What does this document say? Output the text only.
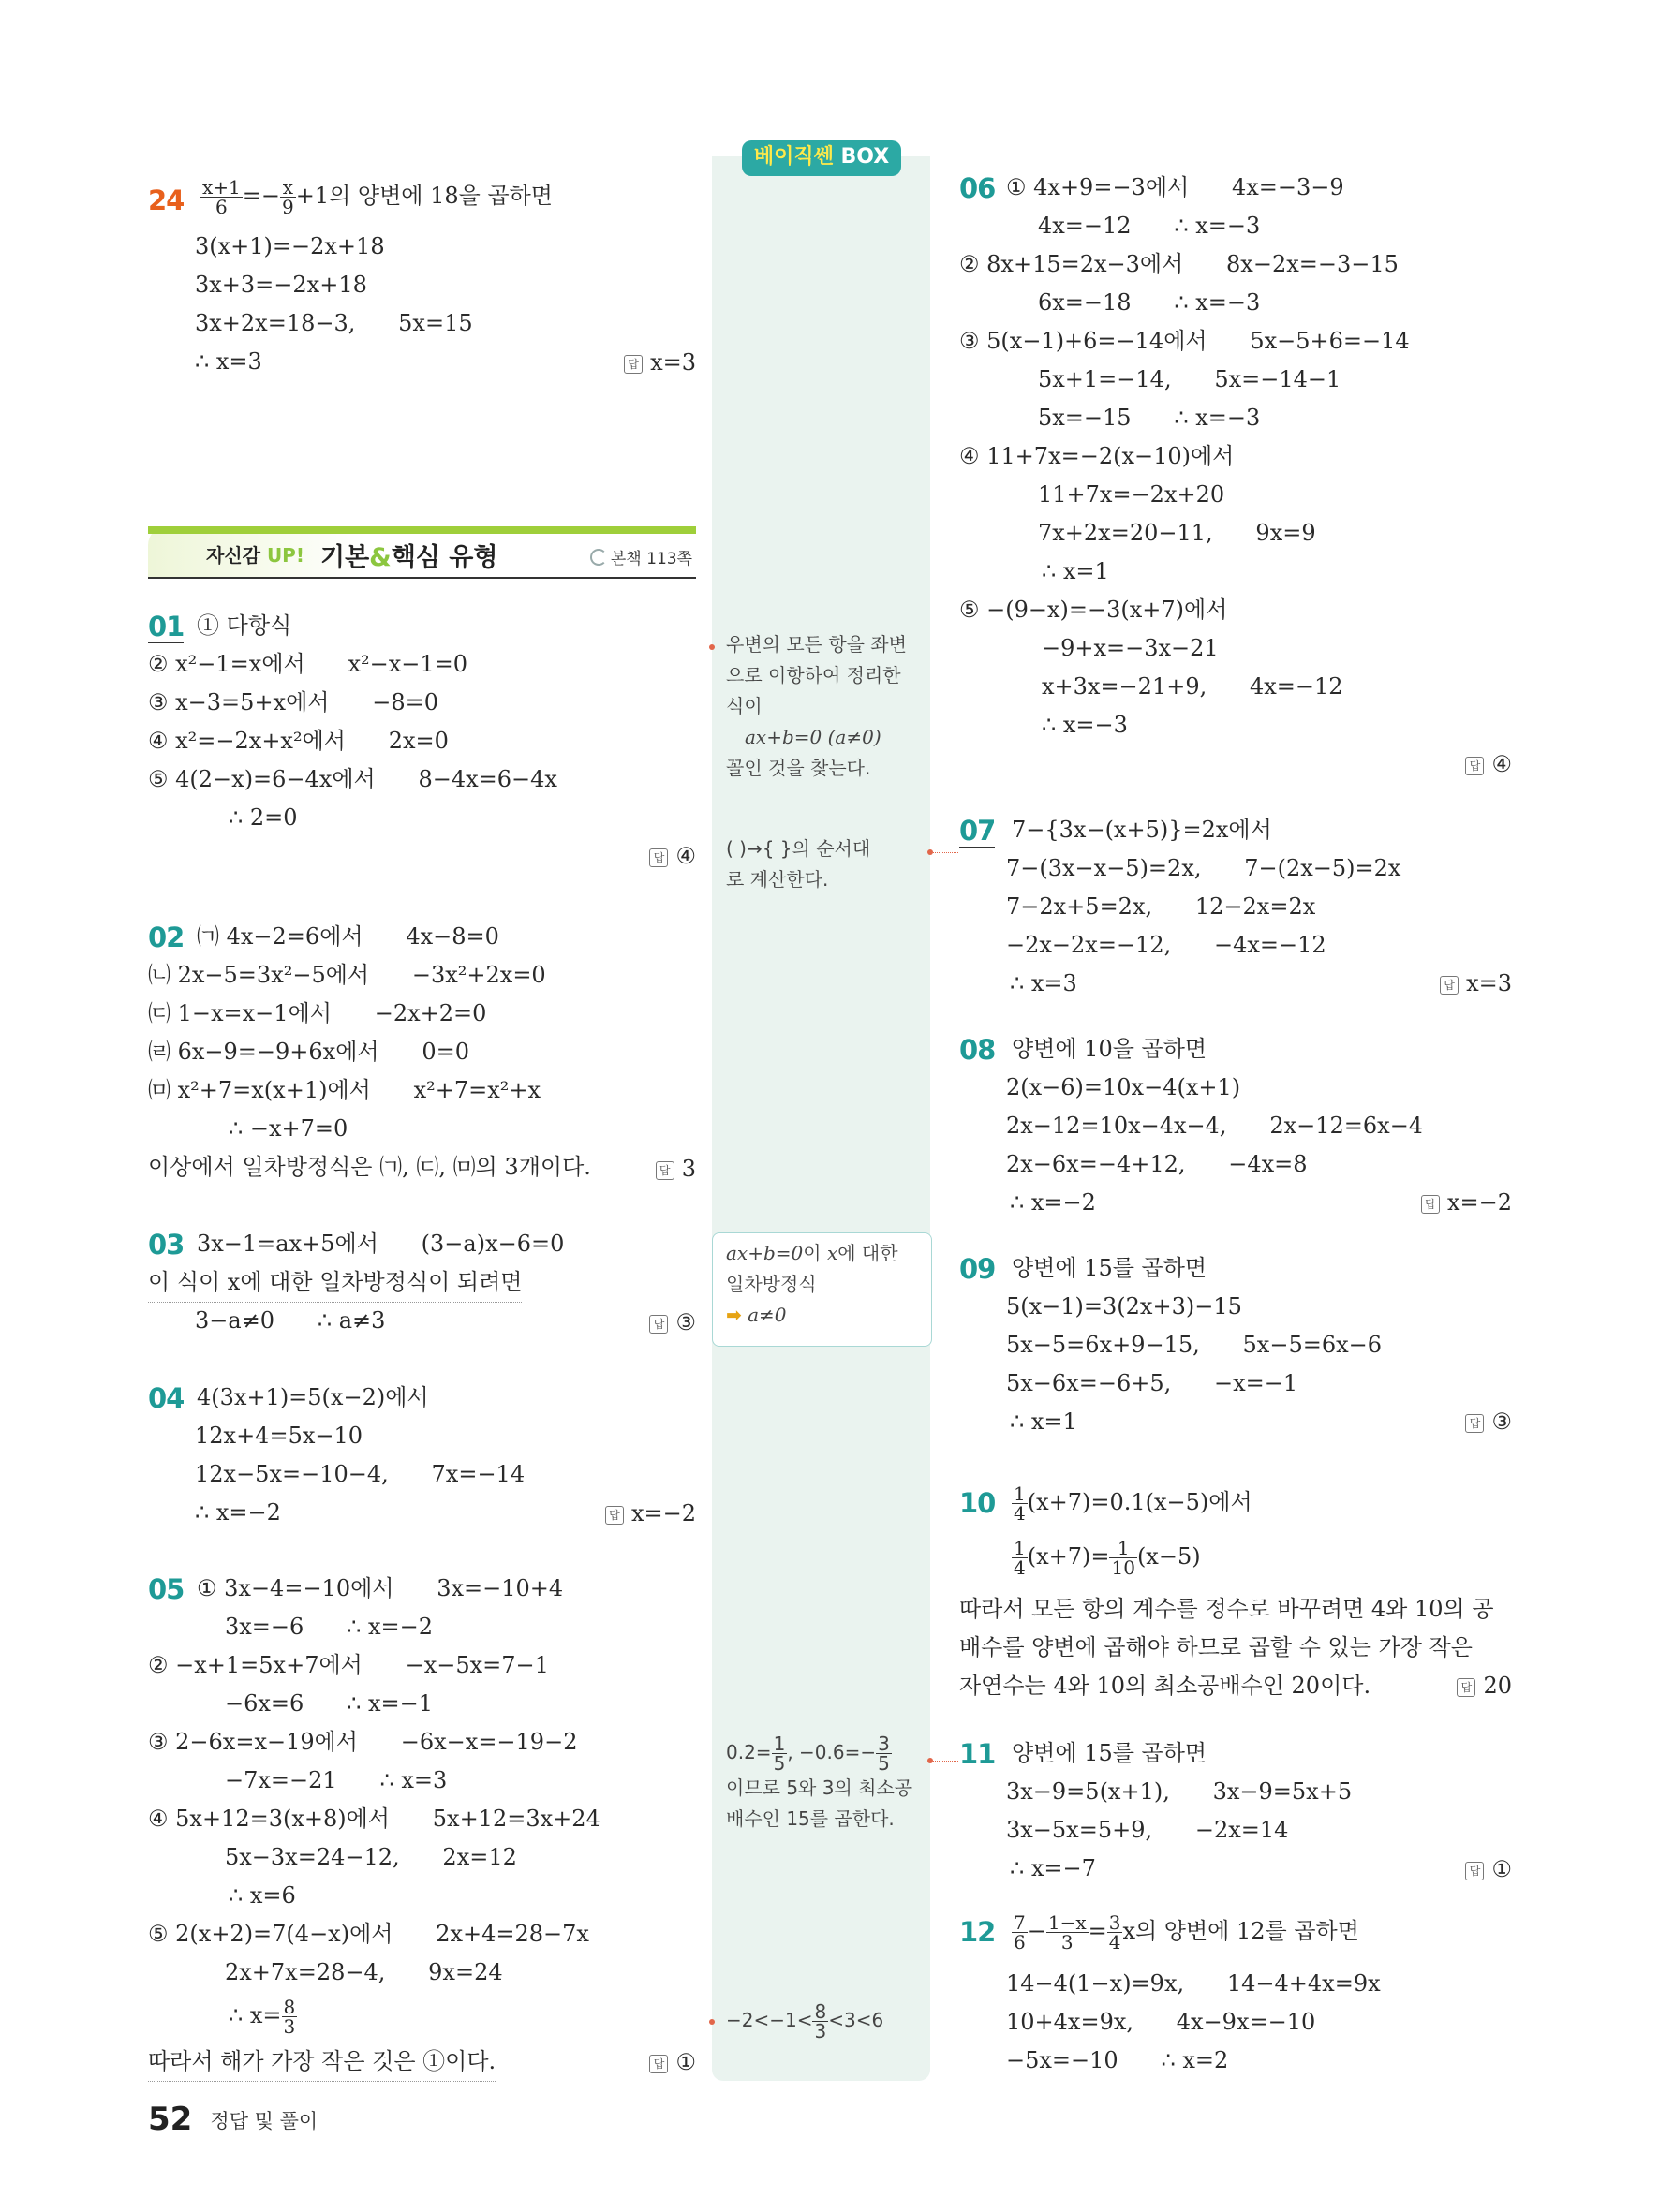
베이직쎈 BOX
자신감 UP! 기본&핵심 유형	본책 113쪽
$24 \frac{x+1}{6} =- \frac{x}{9} +1$의 양변에 18을 곱하면
3(x+1)=−2x+18
3x+3=−2x+18
3x+2x=18−3,      5x=15
∴ x=3	답 x=3
01 ① 다항식
② x²−1=x에서      x²−x−1=0
③ x−3=5+x에서      −8=0
④ x²=−2x+x²에서      2x=0
⑤ 4(2−x)=6−4x에서      8−4x=6−4x
∴ 2=0
답 ④
02 ㈀ 4x−2=6에서      4x−8=0
㈁ 2x−5=3x²−5에서      −3x²+2x=0
㈂ 1−x=x−1에서      −2x+2=0
㈃ 6x−9=−9+6x에서      0=0
㈄ x²+7=x(x+1)에서      x²+7=x²+x
∴ −x+7=0
이상에서 일차방정식은 ㈀, ㈂, ㈄의 3개이다.	답 3
03 3x−1=ax+5에서      (3−a)x−6=0
이 식이 x에 대한 일차방정식이 되려면
3−a≠0      ∴ a≠3	답 ③
04 4(3x+1)=5(x−2)에서
12x+4=5x−10
12x−5x=−10−4,      7x=−14
∴ x=−2	답 x=−2
05 ① 3x−4=−10에서      3x=−10+4
3x=−6      ∴ x=−2
② −x+1=5x+7에서      −x−5x=7−1
−6x=6      ∴ x=−1
③ 2−6x=x−19에서      −6x−x=−19−2
−7x=−21      ∴ x=3
④ 5x+12=3(x+8)에서      5x+12=3x+24
5x−3x=24−12,      2x=12
∴ x=6
⑤ 2(x+2)=7(4−x)에서      2x+4=28−7x
2x+7x=28−4,      9x=24
∴ $x= \frac{8}{3}$
따라서 해가 가장 작은 것은 ①이다.	답 ①
우변의 모든 항을 좌변
으로 이항하여 정리한
식이
ax+b=0 (a≠0)
꼴인 것을 찾는다.
( )→{ }의 순서대
로 계산한다.
ax+b=0이 x에 대한
일차방정식
➡ a≠0
$0.2= \frac{1}{5}$ , $-0.6=- \frac{3}{5}$
이므로 5와 3의 최소공
배수인 15를 곱한다.
$-2<-1< \frac{8}{3} <3<6$
06 ① 4x+9=−3에서      4x=−3−9
4x=−12      ∴ x=−3
② 8x+15=2x−3에서      8x−2x=−3−15
6x=−18      ∴ x=−3
③ 5(x−1)+6=−14에서      5x−5+6=−14
5x+1=−14,      5x=−14−1
5x=−15      ∴ x=−3
④ 11+7x=−2(x−10)에서
11+7x=−2x+20
7x+2x=20−11,      9x=9
∴ x=1
⑤ −(9−x)=−3(x+7)에서
−9+x=−3x−21
x+3x=−21+9,      4x=−12
∴ x=−3
답 ④
07 7−{3x−(x+5)}=2x에서
7−(3x−x−5)=2x,      7−(2x−5)=2x
7−2x+5=2x,      12−2x=2x
−2x−2x=−12,      −4x=−12
∴ x=3	답 x=3
08 양변에 10을 곱하면
2(x−6)=10x−4(x+1)
2x−12=10x−4x−4,      2x−12=6x−4
2x−6x=−4+12,      −4x=8
∴ x=−2	답 x=−2
09 양변에 15를 곱하면
5(x−1)=3(2x+3)−15
5x−5=6x+9−15,      5x−5=6x−6
5x−6x=−6+5,      −x=−1
∴ x=1	답 ③
$10 \frac{1}{4} (x+7)=0.1(x-5)$에서
$\frac{1}{4} (x+7)= \frac{1}{10} (x-5)$
따라서 모든 항의 계수를 정수로 바꾸려면 4와 10의 공
배수를 양변에 곱해야 하므로 곱할 수 있는 가장 작은
자연수는 4와 10의 최소공배수인 20이다.	답 20
11 양변에 15를 곱하면
3x−9=5(x+1),      3x−9=5x+5
3x−5x=5+9,      −2x=14
∴ x=−7	답 ①
$12 \frac{7}{6} - \frac{1-x}{3} = \frac{3}{4}$ x의 양변에 12를 곱하면
14−4(1−x)=9x,      14−4+4x=9x
10+4x=9x,      4x−9x=−10
−5x=−10      ∴ x=2
52 정답 및 풀이
